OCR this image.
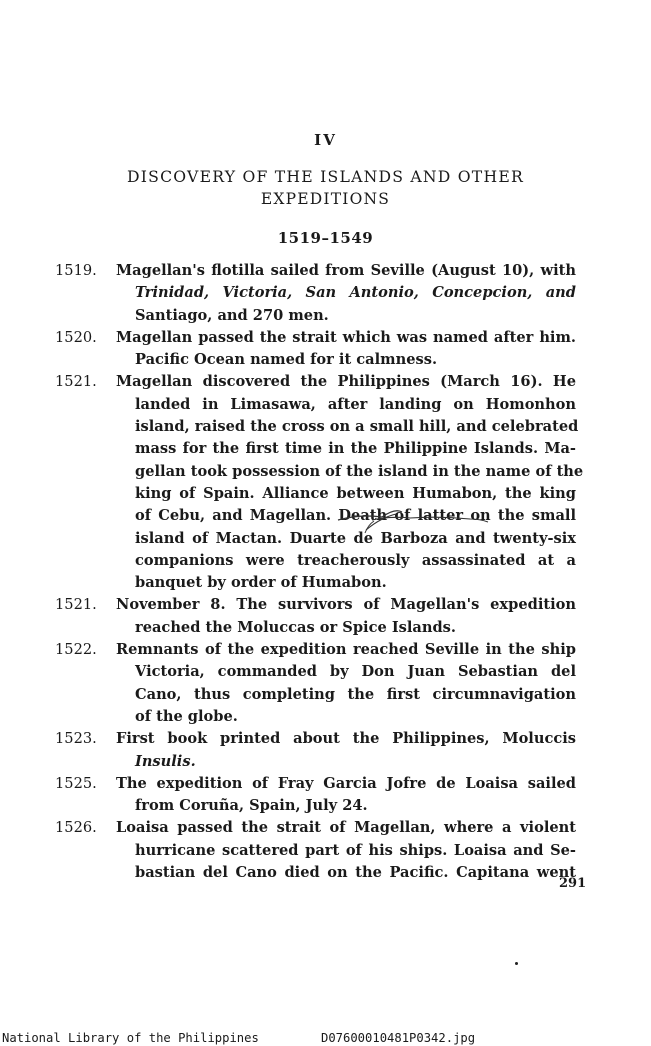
IV
DISCOVERY OF THE ISLANDS AND OTHER
EXPEDITIONS
1519–1549
1519. Magellan's flotilla sailed from Seville (August 10), with
Trinidad, Victoria, San Antonio, Concepcion, and
Santiago, and 270 men.
1520. Magellan passed the strait which was named after him.
Pacific Ocean named for it calmness.
1521. Magellan discovered the Philippines (March 16). He
landed in Limasawa, after landing on Homonhon
island, raised the cross on a small hill, and celebrated
mass for the first time in the Philippine Islands. Ma-
gellan took possession of the island in the name of the
king of Spain. Alliance between Humabon, the king
of Cebu, and Magellan. Death of latter on the small
island of Mactan. Duarte de Barboza and twenty-six
companions were treacherously assassinated at a
banquet by order of Humabon.
1521. November 8. The survivors of Magellan's expedition
reached the Moluccas or Spice Islands.
1522. Remnants of the expedition reached Seville in the ship
Victoria, commanded by Don Juan Sebastian del
Cano, thus completing the first circumnavigation
of the globe.
1523. First book printed about the Philippines, Moluccis
Insulis.
1525. The expedition of Fray Garcia Jofre de Loaisa sailed
from Coruña, Spain, July 24.
1526. Loaisa passed the strait of Magellan, where a violent
hurricane scattered part of his ships. Loaisa and Se-
bastian del Cano died on the Pacific. Capitana went
291
National Library of the Philippines	D07600010481P0342.jpg
